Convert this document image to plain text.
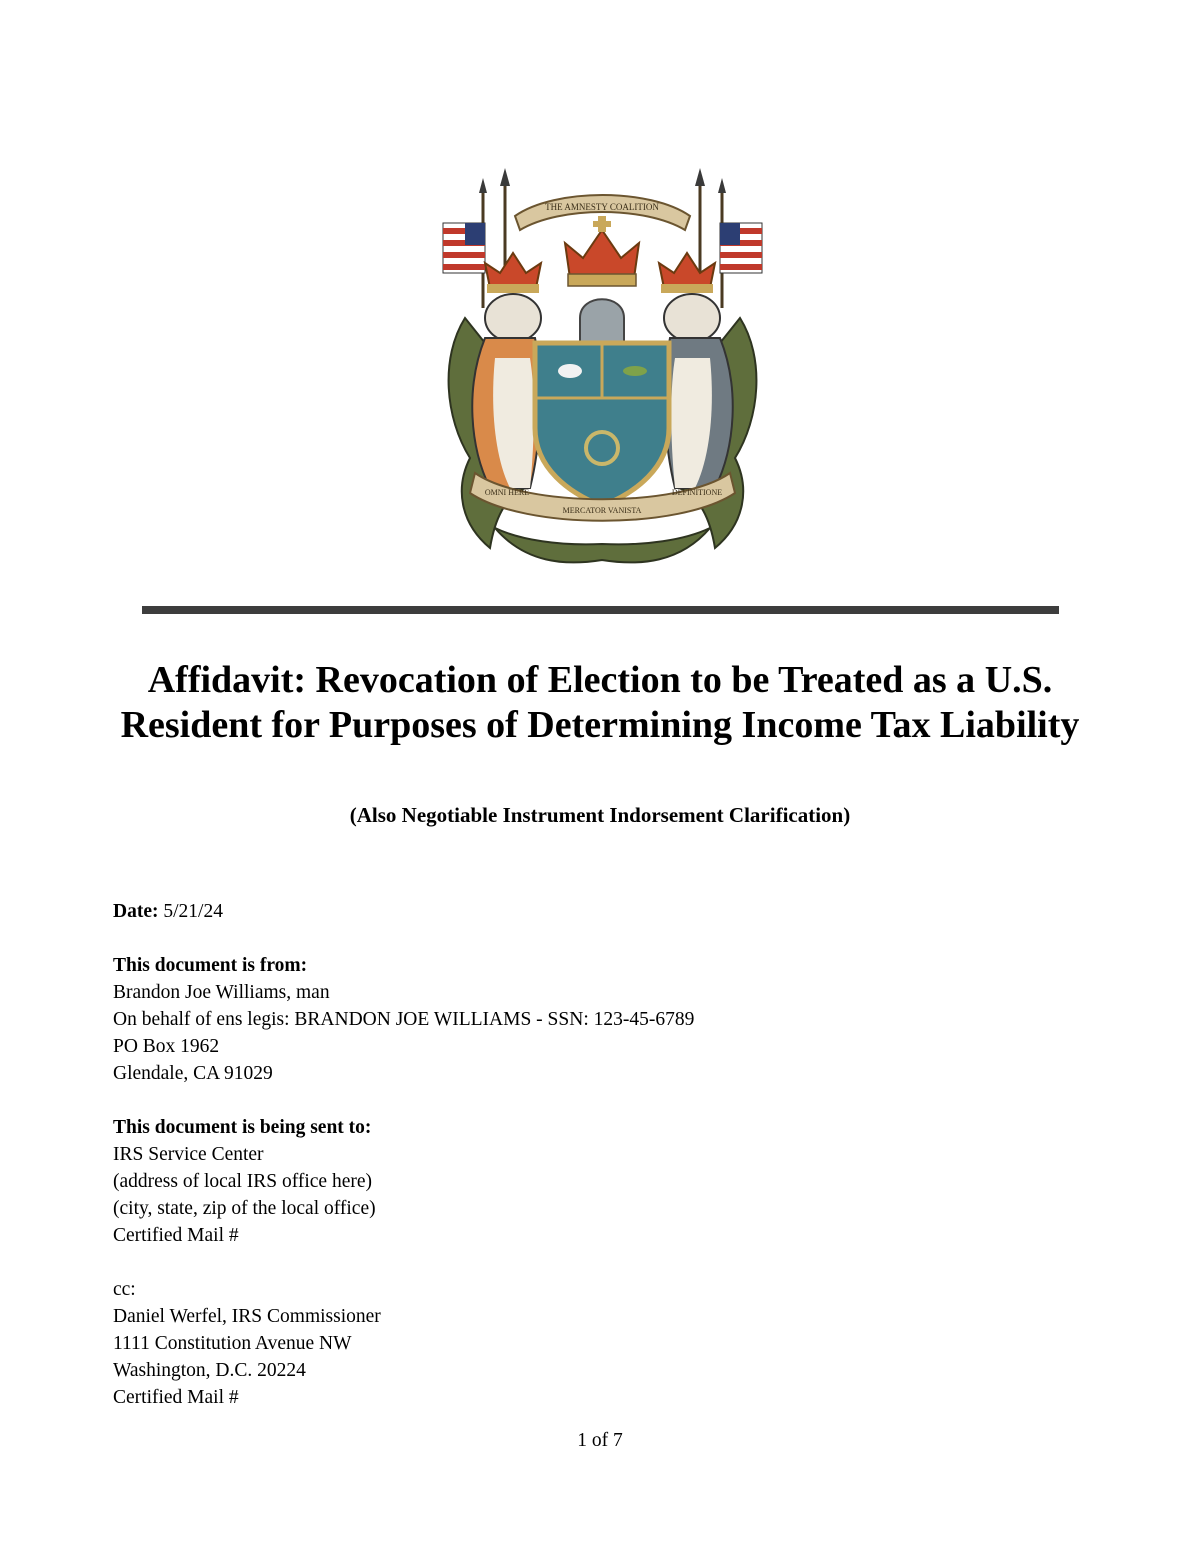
THE AMNESTY COALITION
OMNI HERE
MERCATOR VANISTA
DEFINITIONE
Affidavit: Revocation of Election to be Treated as a U.S. Resident for Purposes of Determining Income Tax Liability

(Also Negotiable Instrument Indorsement Clarification)

Date: 5/21/24
This document is from:
Brandon Joe Williams, man
On behalf of ens legis: BRANDON JOE WILLIAMS - SSN: 123-45-6789
PO Box 1962
Glendale, CA 91029
This document is being sent to:
IRS Service Center
(address of local IRS office here)
(city, state, zip of the local office)
Certified Mail #
cc:
Daniel Werfel, IRS Commissioner
1111 Constitution Avenue NW
Washington, D.C. 20224
Certified Mail #
1 of 7
